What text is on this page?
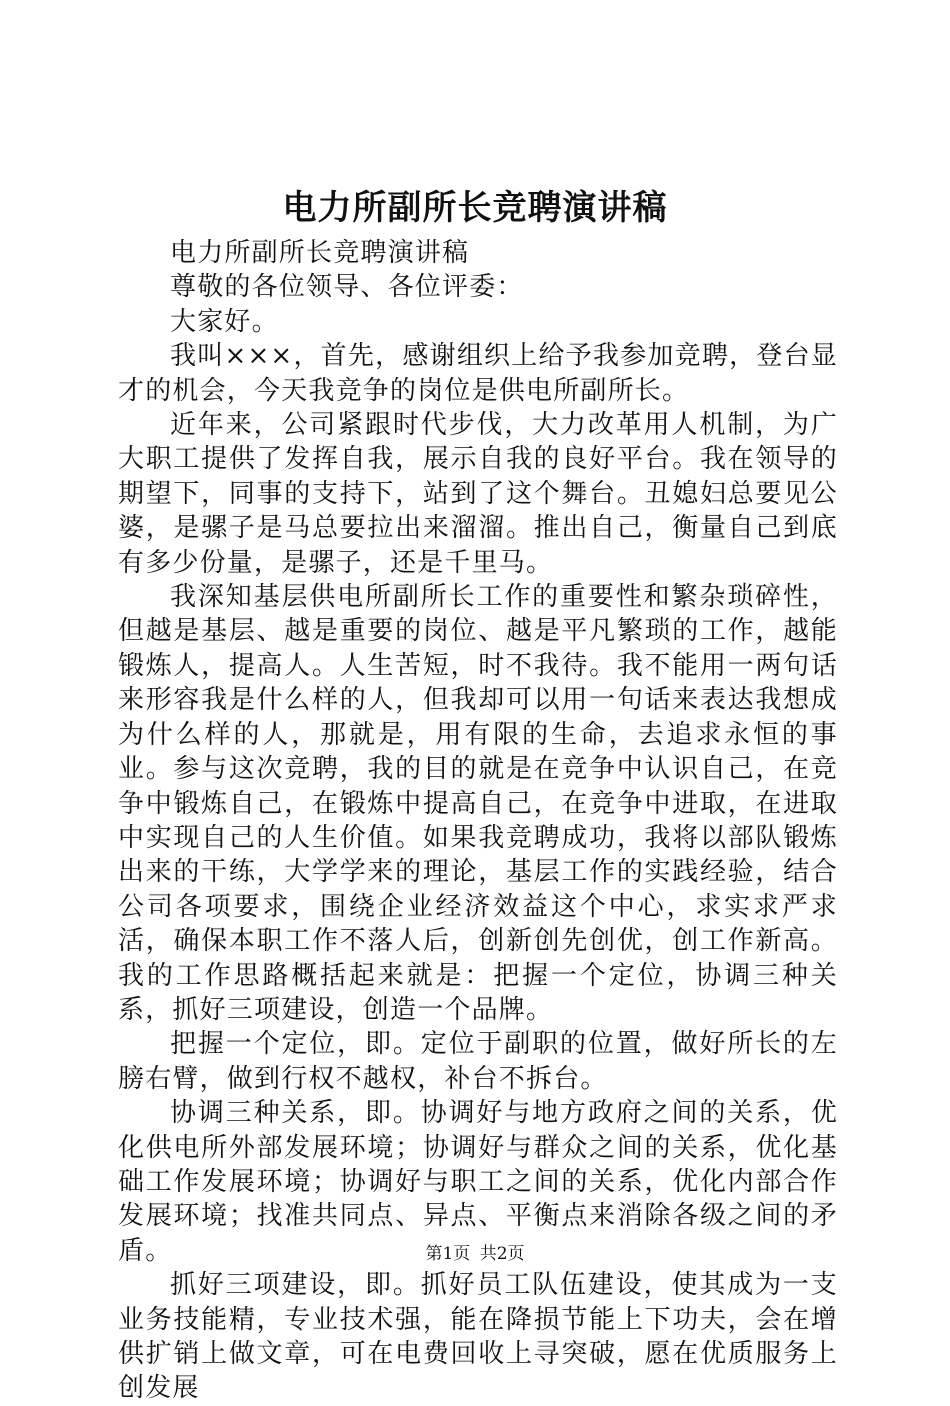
电力所副所长竞聘演讲稿

电力所副所长竞聘演讲稿

尊敬的各位领导、各位评委：

大家好。

我叫×××，首先，感谢组织上给予我参加竞聘，登台显才的机会，今天我竞争的岗位是供电所副所长。

近年来，公司紧跟时代步伐，大力改革用人机制，为广大职工提供了发挥自我，展示自我的良好平台。我在领导的期望下，同事的支持下，站到了这个舞台。丑媳妇总要见公婆，是骡子是马总要拉出来溜溜。推出自己，衡量自己到底有多少份量，是骡子，还是千里马。

我深知基层供电所副所长工作的重要性和繁杂琐碎性，但越是基层、越是重要的岗位、越是平凡繁琐的工作，越能锻炼人，提高人。人生苦短，时不我待。我不能用一两句话来形容我是什么样的人，但我却可以用一句话来表达我想成为什么样的人，那就是，用有限的生命，去追求永恒的事业。参与这次竞聘，我的目的就是在竞争中认识自己，在竞争中锻炼自己，在锻炼中提高自己，在竞争中进取，在进取中实现自己的人生价值。如果我竞聘成功，我将以部队锻炼出来的干练，大学学来的理论，基层工作的实践经验，结合公司各项要求，围绕企业经济效益这个中心，求实求严求活，确保本职工作不落人后，创新创先创优，创工作新高。我的工作思路概括起来就是：把握一个定位，协调三种关系，抓好三项建设，创造一个品牌。

把握一个定位，即。定位于副职的位置，做好所长的左膀右臂，做到行权不越权，补台不拆台。

协调三种关系，即。协调好与地方政府之间的关系，优化供电所外部发展环境；协调好与群众之间的关系，优化基础工作发展环境；协调好与职工之间的关系，优化内部合作发展环境；找准共同点、异点、平衡点来消除各级之间的矛盾。

抓好三项建设，即。抓好员工队伍建设，使其成为一支业务技能精，专业技术强，能在降损节能上下功夫，会在增供扩销上做文章，可在电费回收上寻突破，愿在优质服务上创发展

第1页 共2页
